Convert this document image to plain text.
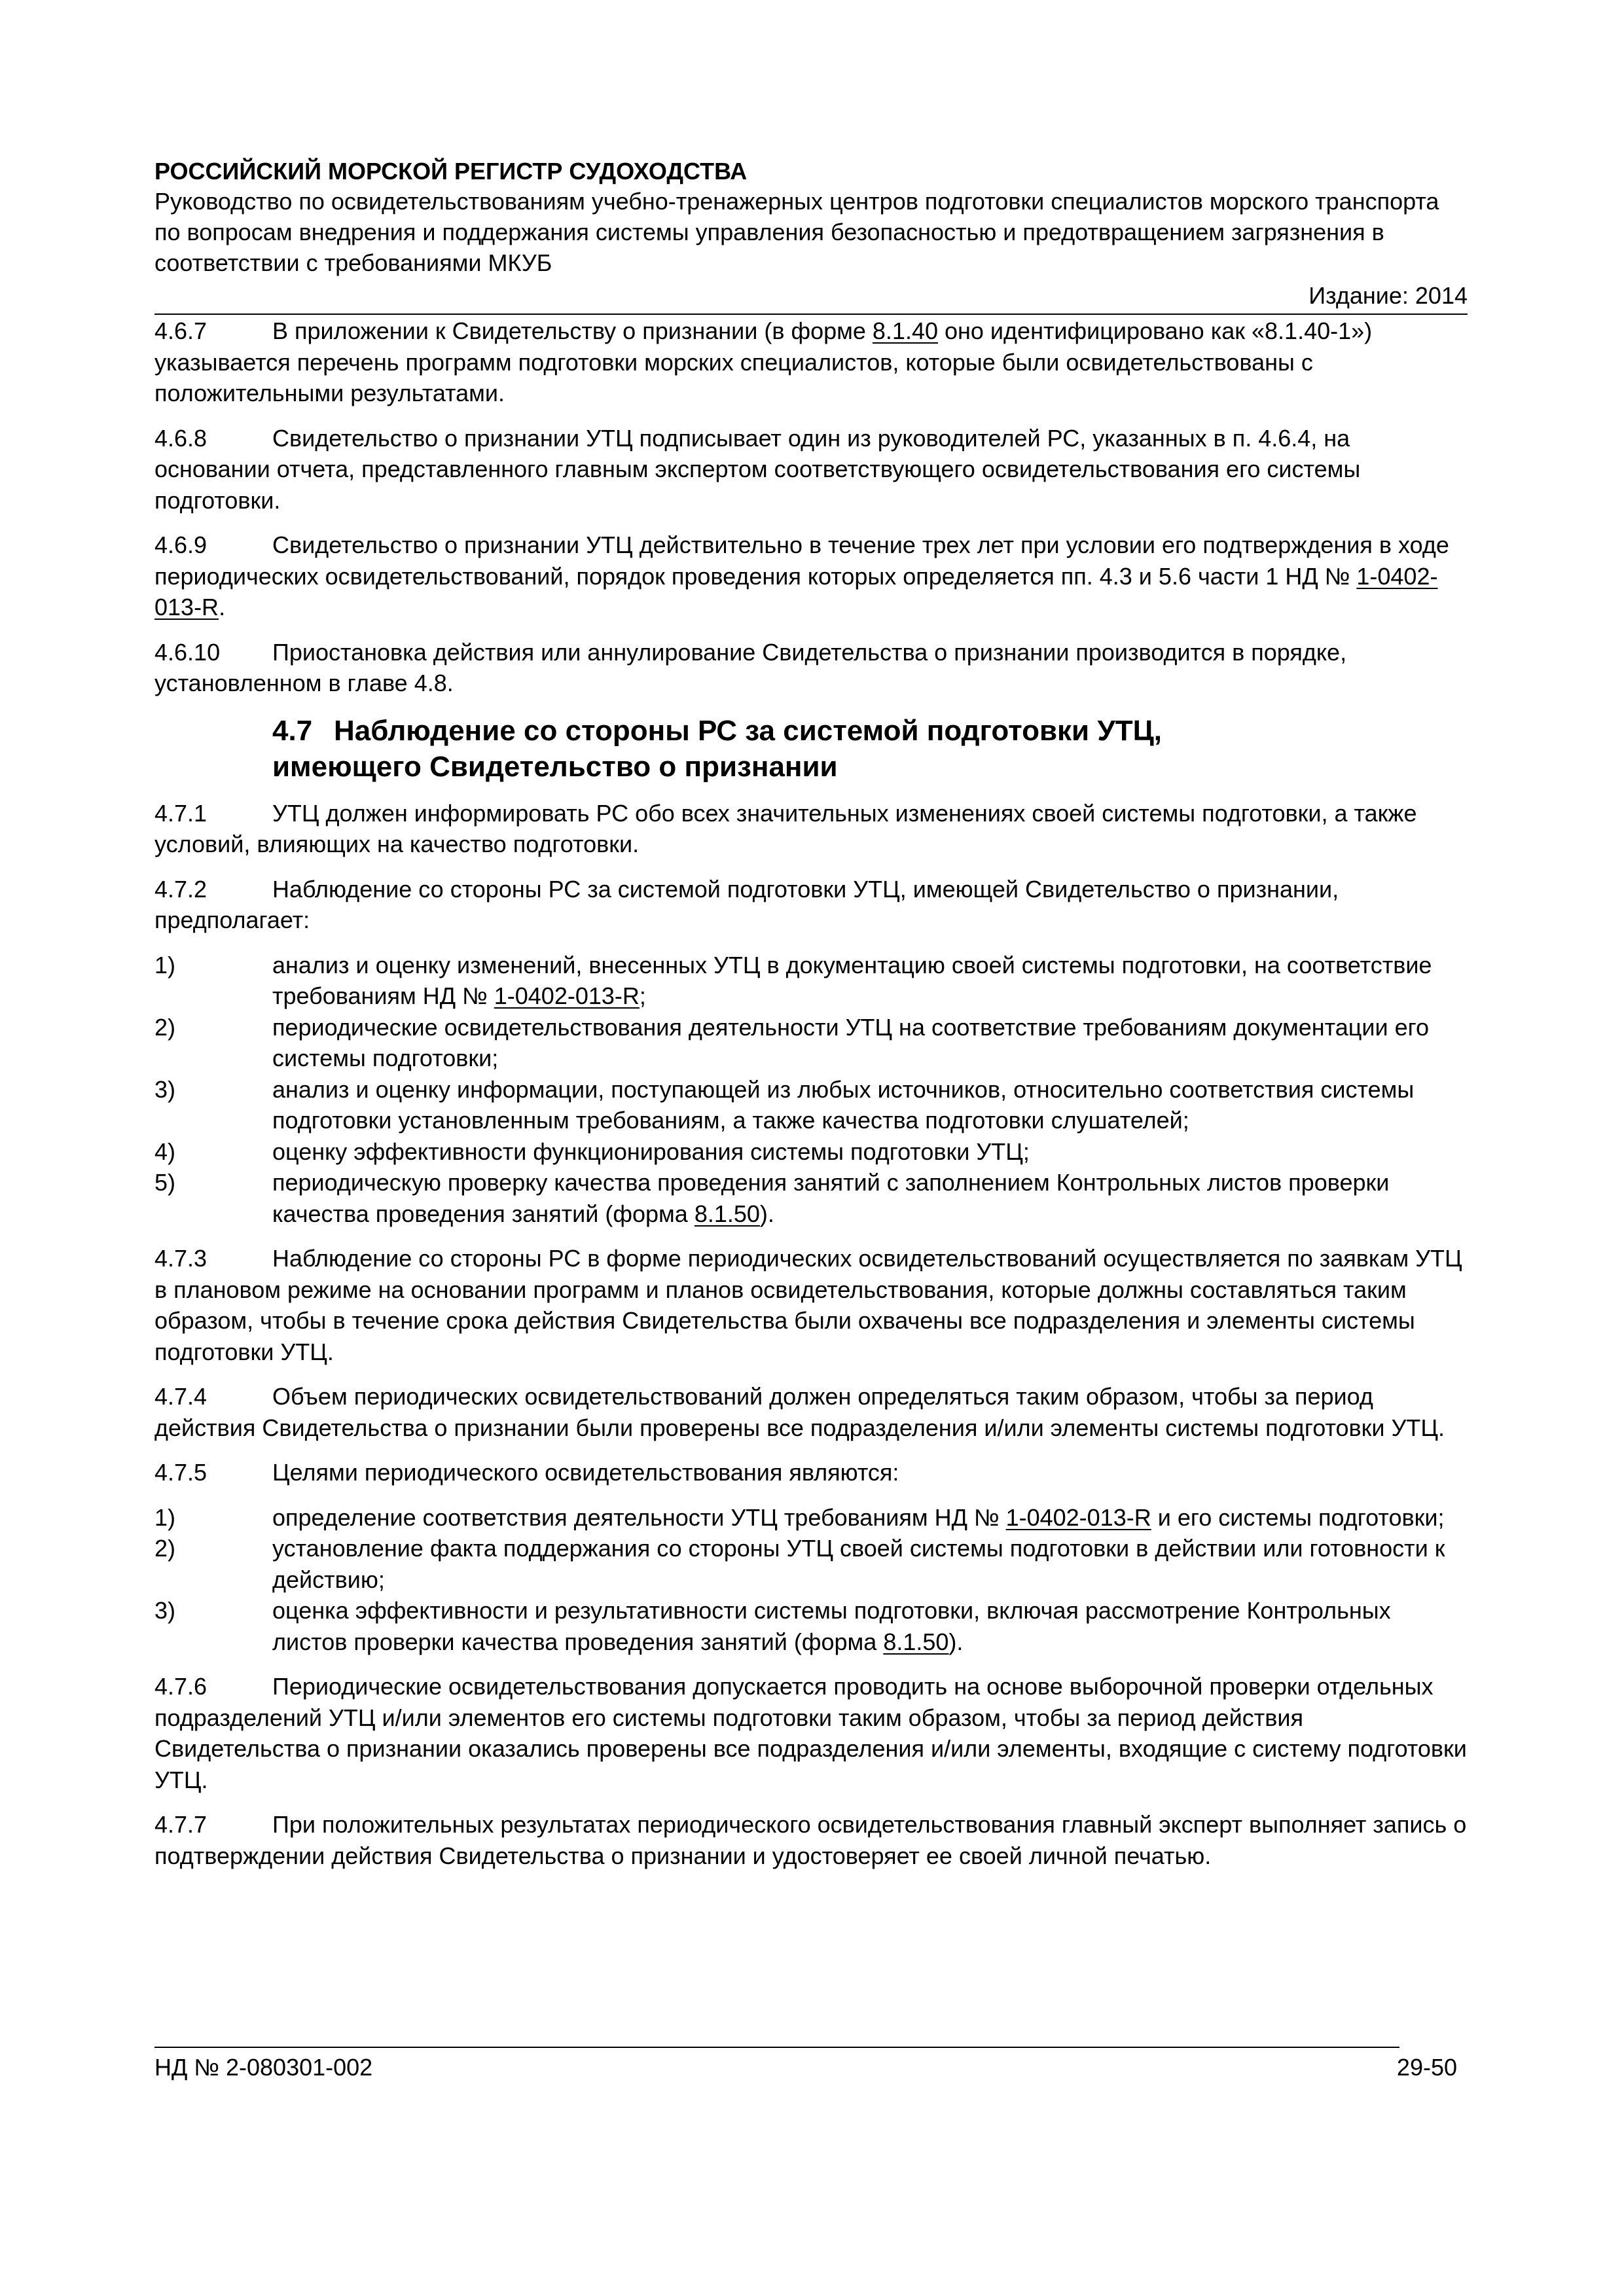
РОССИЙСКИЙ МОРСКОЙ РЕГИСТР СУДОХОДСТВА
Руководство по освидетельствованиям учебно-тренажерных центров подготовки специалистов морского транспорта по вопросам внедрения и поддержания системы управления безопасностью и предотвращением загрязнения в соответствии с требованиями МКУБ
Издание: 2014

4.6.7	В приложении к Свидетельству о признании (в форме 8.1.40 оно идентифицировано как «8.1.40-1») указывается перечень программ подготовки морских специалистов, которые были освидетельствованы с положительными результатами.

4.6.8	Свидетельство о признании УТЦ подписывает один из руководителей РС, указанных в п. 4.6.4, на основании отчета, представленного главным экспертом соответствующего освидетельствования его системы подготовки.

4.6.9	Свидетельство о признании УТЦ действительно в течение трех лет при условии его подтверждения в ходе периодических освидетельствований, порядок проведения которых определяется пп. 4.3 и 5.6 части 1 НД № 1-0402-013-R.

4.6.10 Приостановка действия или аннулирование Свидетельства о признании производится в порядке, установленном в главе 4.8.

4.7 Наблюдение со стороны РС за системой подготовки УТЦ,
имеющего Свидетельство о признании

4.7.1	УТЦ должен информировать РС обо всех значительных изменениях своей системы подготовки, а также условий, влияющих на качество подготовки.

4.7.2	Наблюдение со стороны РС за системой подготовки УТЦ, имеющей Свидетельство о признании, предполагает:

1)	анализ и оценку изменений, внесенных УТЦ в документацию своей системы подготовки, на соответствие требованиям НД № 1-0402-013-R;
2)	периодические освидетельствования деятельности УТЦ на соответствие требованиям документации его системы подготовки;
3)	анализ и оценку информации, поступающей из любых источников, относительно соответствия системы подготовки установленным требованиям, а также качества подготовки слушателей;
4)	оценку эффективности функционирования системы подготовки УТЦ;
5)	периодическую проверку качества проведения занятий с заполнением Контрольных листов проверки качества проведения занятий (форма 8.1.50).

4.7.3	Наблюдение со стороны РС в форме периодических освидетельствований осуществляется по заявкам УТЦ в плановом режиме на основании программ и планов освидетельствования, которые должны составляться таким образом, чтобы в течение срока действия Свидетельства были охвачены все подразделения и элементы системы подготовки УТЦ.

4.7.4	Объем периодических освидетельствований должен определяться таким образом, чтобы за период действия Свидетельства о признании были проверены все подразделения и/или элементы системы подготовки УТЦ.

4.7.5	Целями периодического освидетельствования являются:

1)	определение соответствия деятельности УТЦ требованиям НД № 1-0402-013-R и его системы подготовки;
2)	установление факта поддержания со стороны УТЦ своей системы подготовки в действии или готовности к действию;
3)	оценка эффективности и результативности системы подготовки, включая рассмотрение Контрольных листов проверки качества проведения занятий (форма 8.1.50).

4.7.6	Периодические освидетельствования допускается проводить на основе выборочной проверки отдельных подразделений УТЦ и/или элементов его системы подготовки таким образом, чтобы за период действия Свидетельства о признании оказались проверены все подразделения и/или элементы, входящие с систему подготовки УТЦ.

4.7.7	При положительных результатах периодического освидетельствования главный эксперт выполняет запись о подтверждении действия Свидетельства о признании и удостоверяет ее своей личной печатью.

НД № 2-080301-002	29-50
